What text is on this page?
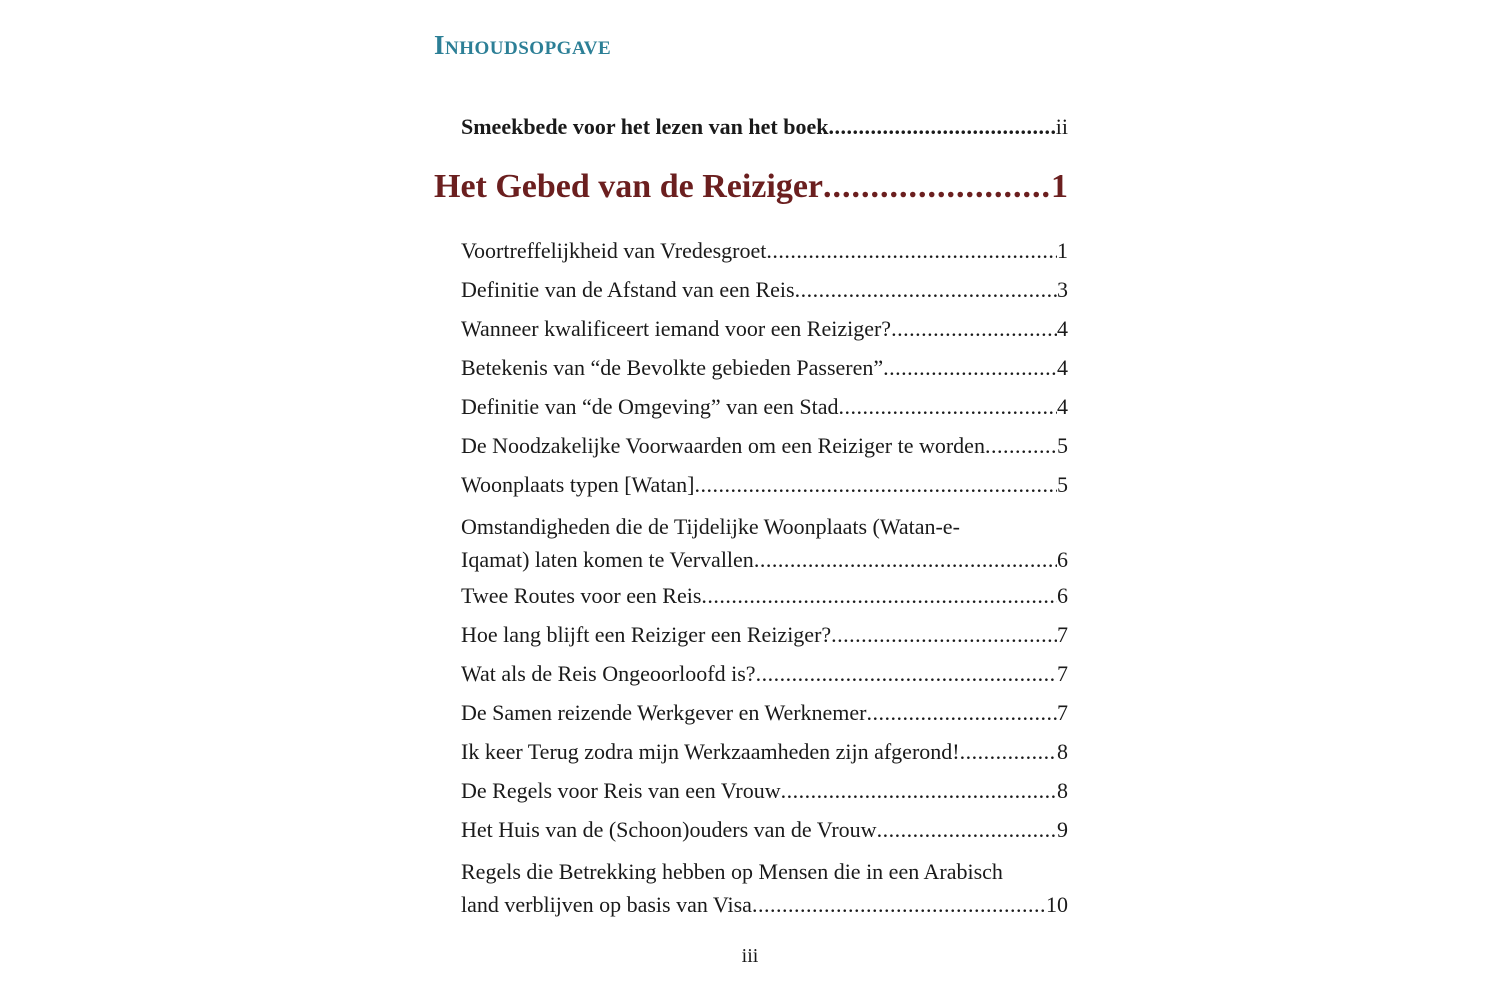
Inhoudsopgave
Smeekbede voor het lezen van het boek .....	ii
Het Gebed van de Reiziger .....	1
Voortreffelijkheid van Vredesgroet .....	1
Definitie van de Afstand van een Reis .....	3
Wanneer kwalificeert iemand voor een Reiziger? .....	4
Betekenis van “de Bevolkte gebieden Passeren” .....	4
Definitie van “de Omgeving” van een Stad .....	4
De Noodzakelijke Voorwaarden om een Reiziger te worden .....	5
Woonplaats typen [Watan] .....	5
Omstandigheden die de Tijdelijke Woonplaats (Watan-e-
Iqamat) laten komen te Vervallen .....	6
Twee Routes voor een Reis .....	6
Hoe lang blijft een Reiziger een Reiziger? .....	7
Wat als de Reis Ongeoorloofd is? .....	7
De Samen reizende Werkgever en Werknemer .....	7
Ik keer Terug zodra mijn Werkzaamheden zijn afgerond! .....	8
De Regels voor Reis van een Vrouw .....	8
Het Huis van de (Schoon)ouders van de Vrouw .....	9
Regels die Betrekking hebben op Mensen die in een Arabisch
land verblijven op basis van Visa .....	10
iii
